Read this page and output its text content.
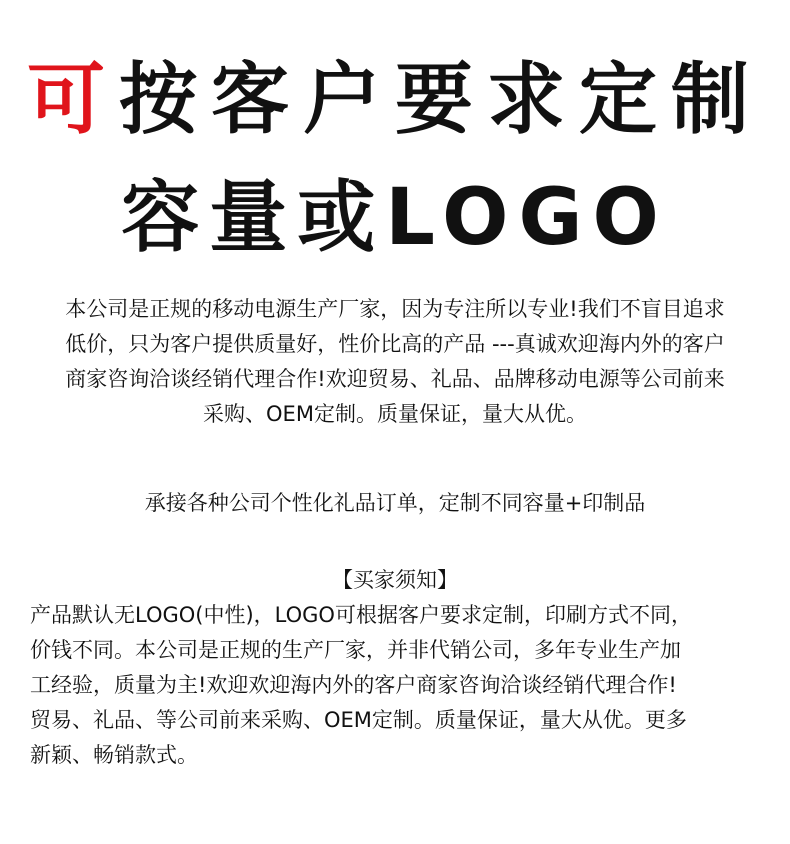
可按客户要求定制
容量或LOGO
本公司是正规的移动电源生产厂家，因为专注所以专业!我们不盲目追求
低价，只为客户提供质量好，性价比高的产品 ---真诚欢迎海内外的客户
商家咨询洽谈经销代理合作!欢迎贸易、礼品、品牌移动电源等公司前来
采购、OEM定制。质量保证，量大从优。
承接各种公司个性化礼品订单，定制不同容量+印制品
【买家须知】
产品默认无LOGO(中性)，LOGO可根据客户要求定制，印刷方式不同，
价钱不同。本公司是正规的生产厂家，并非代销公司，多年专业生产加
工经验，质量为主!欢迎欢迎海内外的客户商家咨询洽谈经销代理合作!
贸易、礼品、等公司前来采购、OEM定制。质量保证，量大从优。更多
新颖、畅销款式。
